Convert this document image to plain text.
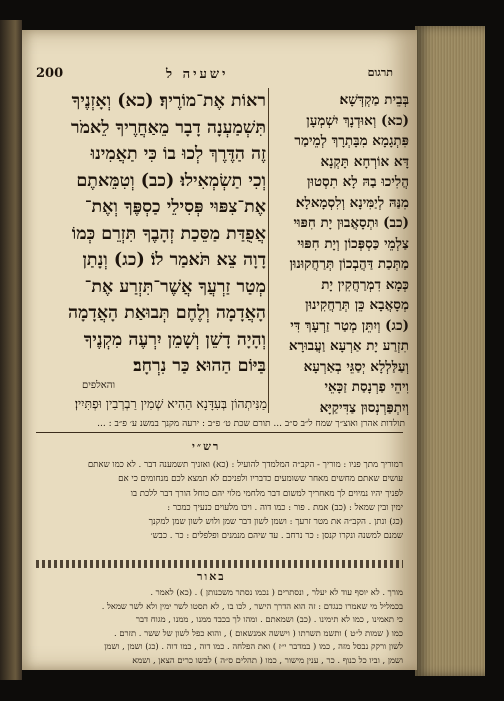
200	ישעיה ל	תרגום
ראוֹת אֶת־מוֹרֶיךָ׃ (כא) וְאָזְנֶיךָ
תִּשְׁמַעְנָה דָבָר מֵאַחֲרֶיךָ לֵאמֹר
זֶה הַדֶּרֶךְ לְכוּ בוֹ כִּי תַאֲמִינוּ
וְכִי תַשְׂמְאִילוּ׃ (כב) וְטִמֵּאתֶם
אֶת־צִפּוּי פְּסִילֵי כַסְפֶּךָ וְאֶת־
אֲפֻדַּת מַסֵּכַת זְהָבֶךָ תִּזְרֵם כְּמוֹ
דָוָה צֵא תֹּאמַר לוֹ׃ (כג) וְנָתַן
מְטַר זַרְעֲךָ אֲשֶׁר־תִּזְרַע אֶת־
הָאֲדָמָה וְלֶחֶם תְּבוּאַת הָאֲדָמָה
וְהָיָה דָשֵׁן וְשָׁמֵן יִרְעֶה מִקְנֶיךָ
בַּיּוֹם הַהוּא כַּר נִרְחָב׃
בְּבֵית מַקְדְּשָׁא׃
(כא) וְאוּדְנָךְ יִשְׁמְעָן
פִּתְגָמָא מִבָּתְרָךְ לְמֵימַר
דָּא אוֹרְחָא תָּקְנָא
הֲלִיכוּ בַהּ לָא תִסְטוּן
מִנַּהּ לְיַמִּינָא וְלִסְמָאלָא׃
(כב) וּתְסָאֲבוּן יָת חִפּוּי
צַלְמֵי כַּסְפְּכוֹן וְיָת חִפּוּי
מַתְּכַת דַּהֲבְכוֹן תְּרַחֲקוּנוּן
כְּמָא דִמְרַחֲקִין יָת
מְסָאֲבָא כֵּן תְּרַחֲקִינוּן
(כג) וְיִתֵּן מְטַר זַרְעָךְ דִּי
תִזְרַע יָת אַרְעָא וַעֲבוּרָא
וְעַלַּלְלָא יְסַגֵּי בְאַרְעָא
וִיהֵי פַרְנָסַת זַכָּאֵי
וְיִתְפַּרְנְסוּן צַדִּיקַיָּא
והאלפים
מַנִּיתְהוֹן בְּעִדָּנָא הַהִיא שְׁמִין רַבְרְבִין וּפְתִּיִין׃
תולדות אהרן ואוצ״ך שמח ל״ב ס״ב ... תורם שכת ט׳ פ״ב : ירעה מקנך במשנ ע׳ פ״ב : ...
רש״י
רמוריך מתך פניו : מוריך - הקב״ה המלמדך להועיל : (כא) ואזניך תשמענה דבר . לא כמו שאתם
עושים שאתם מחשים מאחר ששומעים כדבריו ולפניכם לא תמצא לכם מנחומים כי אם
לפניך יהיו נמיוים לך מאחריך למשום דבר מלחמי מלוי יהם כוחל הורך דבר ללכת בו
ימין ובין שמאל : (כב) אמת . פור : כמו דוה . ויכו מלעוים כנעיך כמכר :
(כג) ונתן . הקב״ה את מטר זרעך : ושמן לשון דבר שמן ולוש לשון שמן למקנך
שמנם למשנה ונקרו קנסן : כר נרחב . עד שיהם מנמנים ופלפלים : כר . כבש׳
באור
מורך . לא יוסף עוד לא יעלר , ונסתרים ( נכמו נסתר משכנותן ) . (כא) לאמר .
בכמליל מי שאמרו כנגדם : זה הוא הדרך הישר , לכו בו , לא תסטו לשר ימין ולא לשר שמאל .
כי תאמינו , כמו לא תימינו . (כב) ושמאתם . ומהו לך בכבד ממנו , ממנו , מגוח דבר
כמו ( שמות ל״ט ) ותשמ תשרתו ( ויששה אמנשאום ) , והוא כפל לשון של ששר . תזרם .
לשון ורקק נבסל מזה , כמו ( במדבר י״ז ) ואת הפלחה . כמו דוה , כמו דוה . (כג) ושמן , ושמן
ושמן , וביו כל כנוף . כר , ענין מישור , כמו ( תהלים ס״ה ) לבשו כרים הצאן , ושמא
